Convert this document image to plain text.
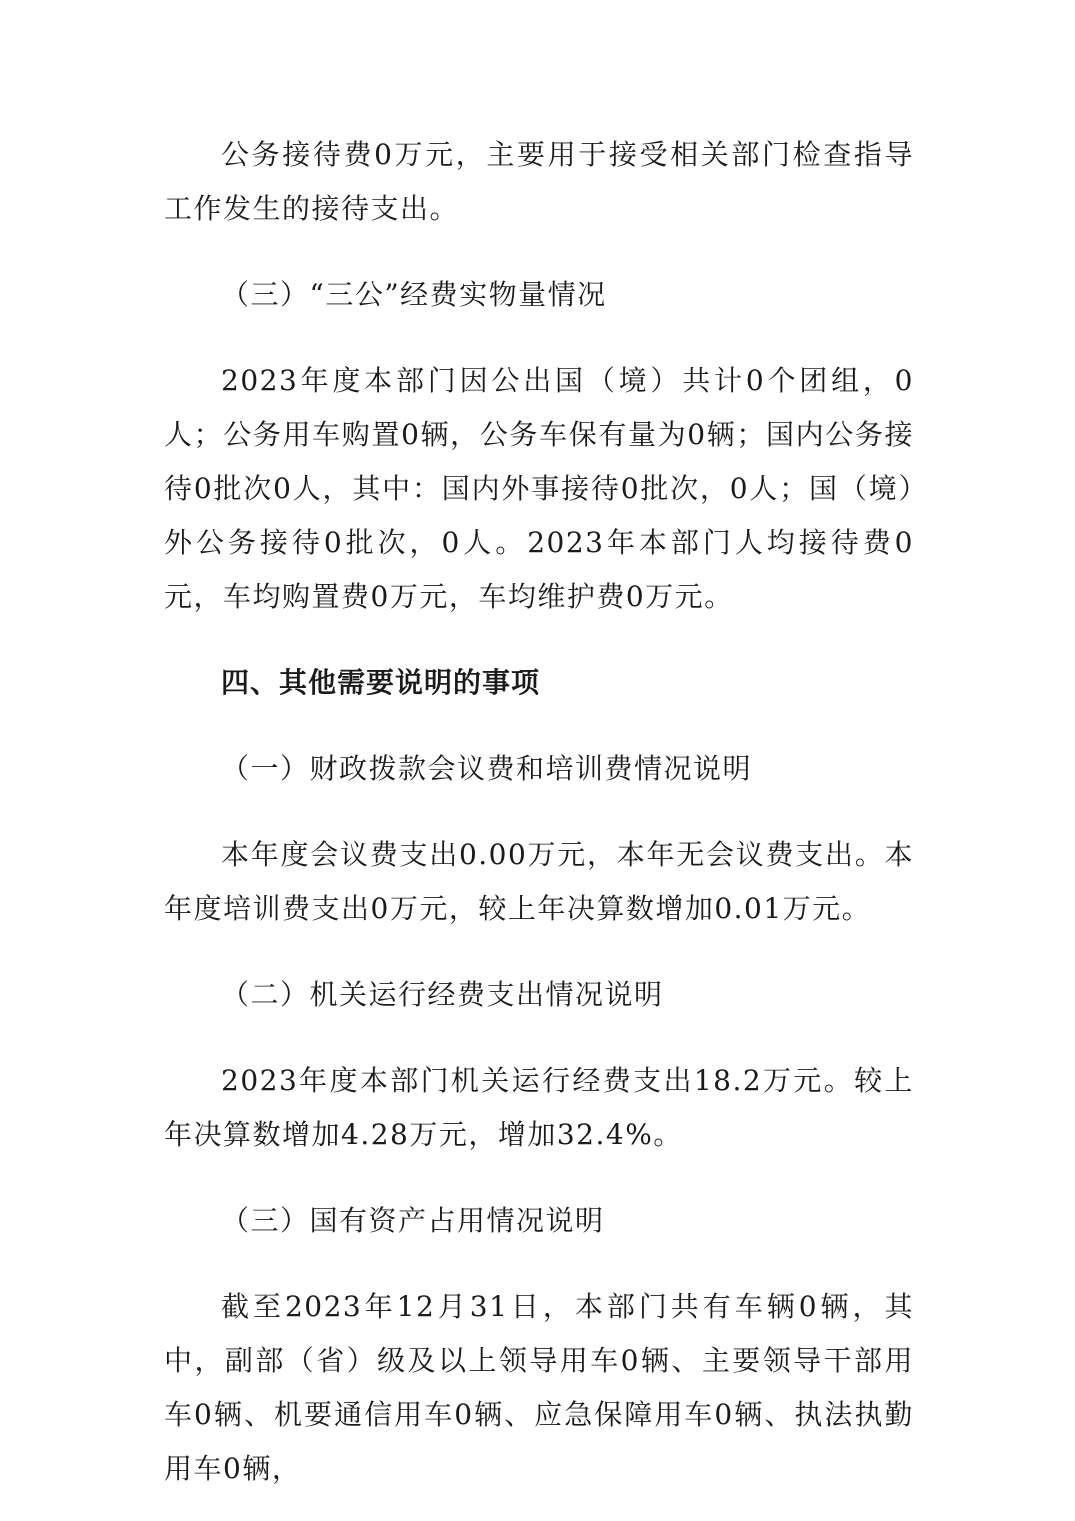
公务接待费0万元，主要用于接受相关部门检查指导工作发生的接待支出。

（三）“三公”经费实物量情况

2023年度本部门因公出国（境）共计0个团组，0人；公务用车购置0辆，公务车保有量为0辆；国内公务接待0批次0人，其中：国内外事接待0批次，0人；国（境）外公务接待0批次，0人。2023年本部门人均接待费0元，车均购置费0万元，车均维护费0万元。

四、其他需要说明的事项

（一）财政拨款会议费和培训费情况说明

本年度会议费支出0.00万元，本年无会议费支出。本年度培训费支出0万元，较上年决算数增加0.01万元。

（二）机关运行经费支出情况说明

2023年度本部门机关运行经费支出18.2万元。较上年决算数增加4.28万元，增加32.4%。

（三）国有资产占用情况说明

截至2023年12月31日，本部门共有车辆0辆，其中，副部（省）级及以上领导用车0辆、主要领导干部用车0辆、机要通信用车0辆、应急保障用车0辆、执法执勤用车0辆，
